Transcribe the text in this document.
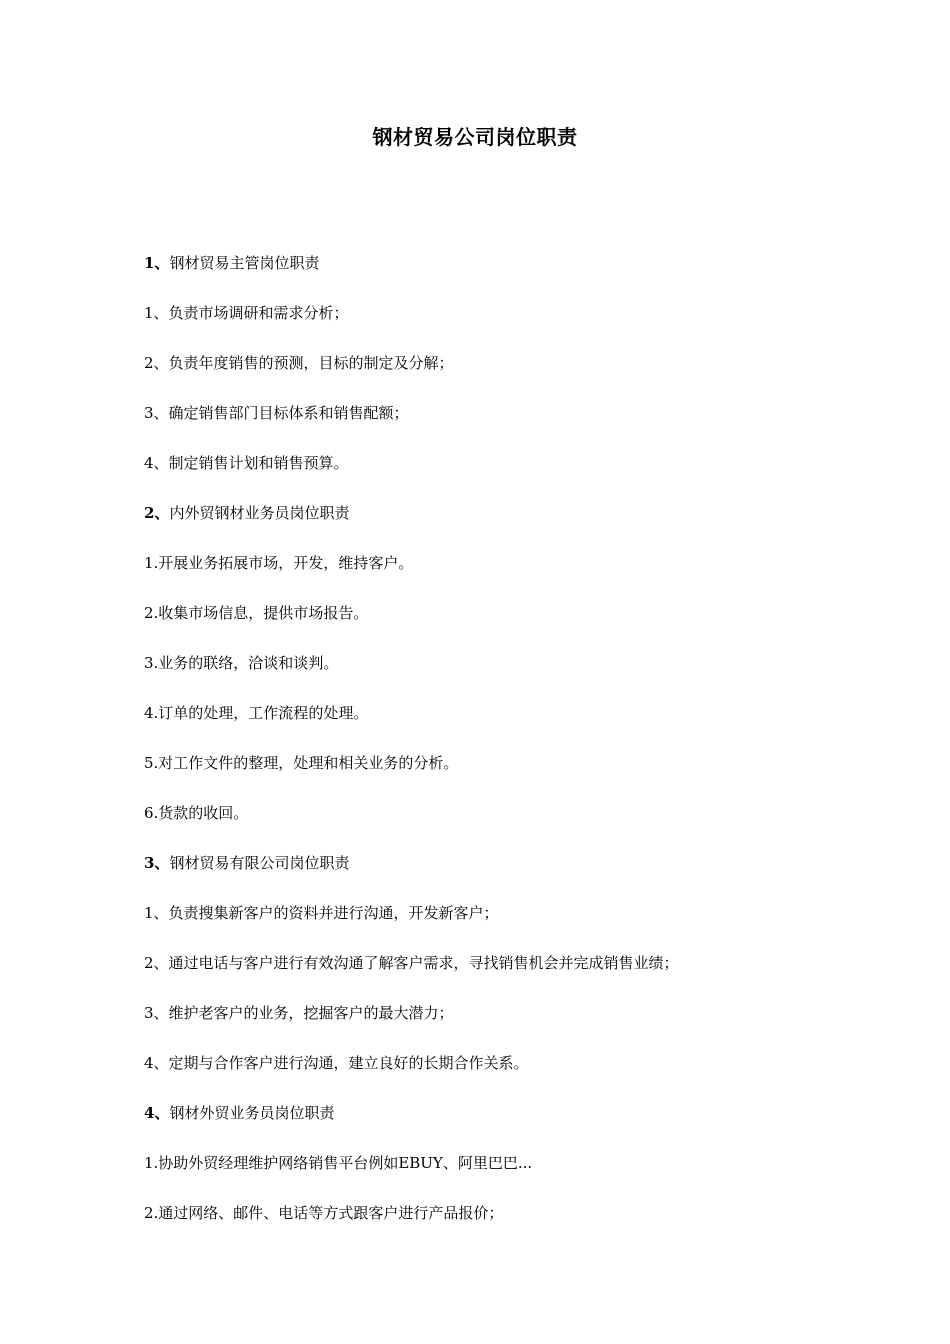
钢材贸易公司岗位职责
1、钢材贸易主管岗位职责
1、负责市场调研和需求分析；
2、负责年度销售的预测，目标的制定及分解；
3、确定销售部门目标体系和销售配额；
4、制定销售计划和销售预算。
2、内外贸钢材业务员岗位职责
1.开展业务拓展市场，开发，维持客户。
2.收集市场信息，提供市场报告。
3.业务的联络，洽谈和谈判。
4.订单的处理，工作流程的处理。
5.对工作文件的整理，处理和相关业务的分析。
6.货款的收回。
3、钢材贸易有限公司岗位职责
1、负责搜集新客户的资料并进行沟通，开发新客户；
2、通过电话与客户进行有效沟通了解客户需求，寻找销售机会并完成销售业绩；
3、维护老客户的业务，挖掘客户的最大潜力；
4、定期与合作客户进行沟通，建立良好的长期合作关系。
4、钢材外贸业务员岗位职责
1.协助外贸经理维护网络销售平台例如EBUY、阿里巴巴...
2.通过网络、邮件、电话等方式跟客户进行产品报价；
